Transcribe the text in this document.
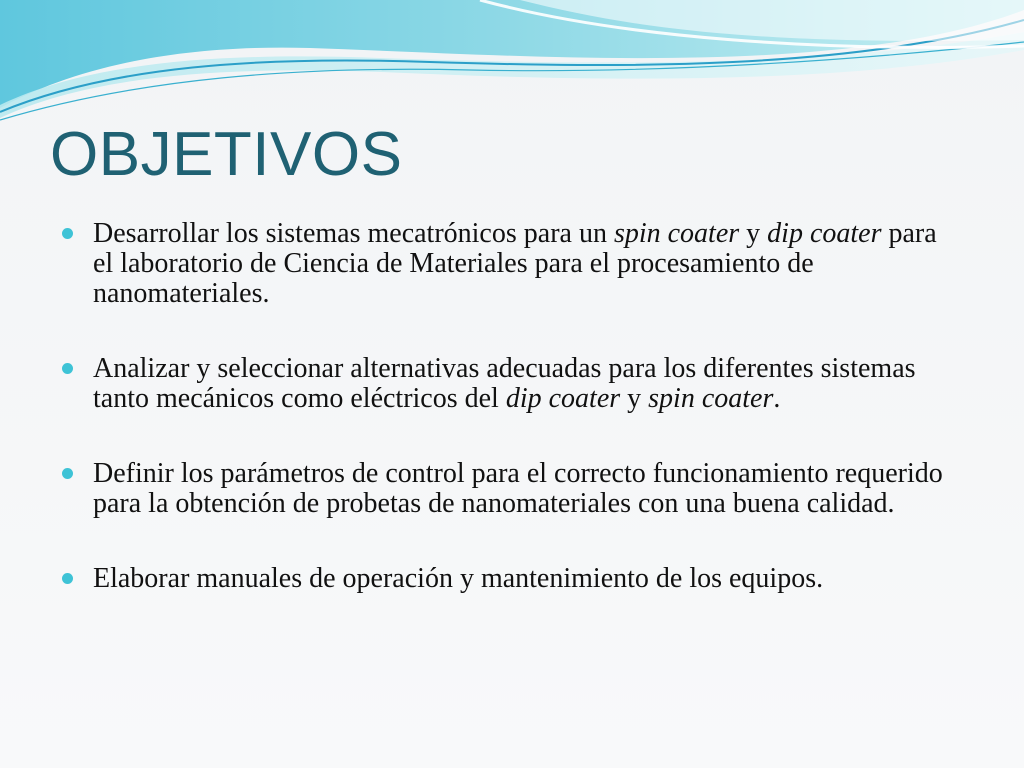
OBJETIVOS
Desarrollar los sistemas mecatrónicos para un spin coater y dip coater para el laboratorio de Ciencia de Materiales para el procesamiento de nanomateriales.
Analizar y seleccionar alternativas adecuadas para los diferentes sistemas tanto mecánicos como eléctricos del dip coater y spin coater.
Definir los parámetros de control para el correcto funcionamiento requerido para la obtención de probetas de nanomateriales con una buena calidad.
Elaborar manuales de operación y mantenimiento de los equipos.
